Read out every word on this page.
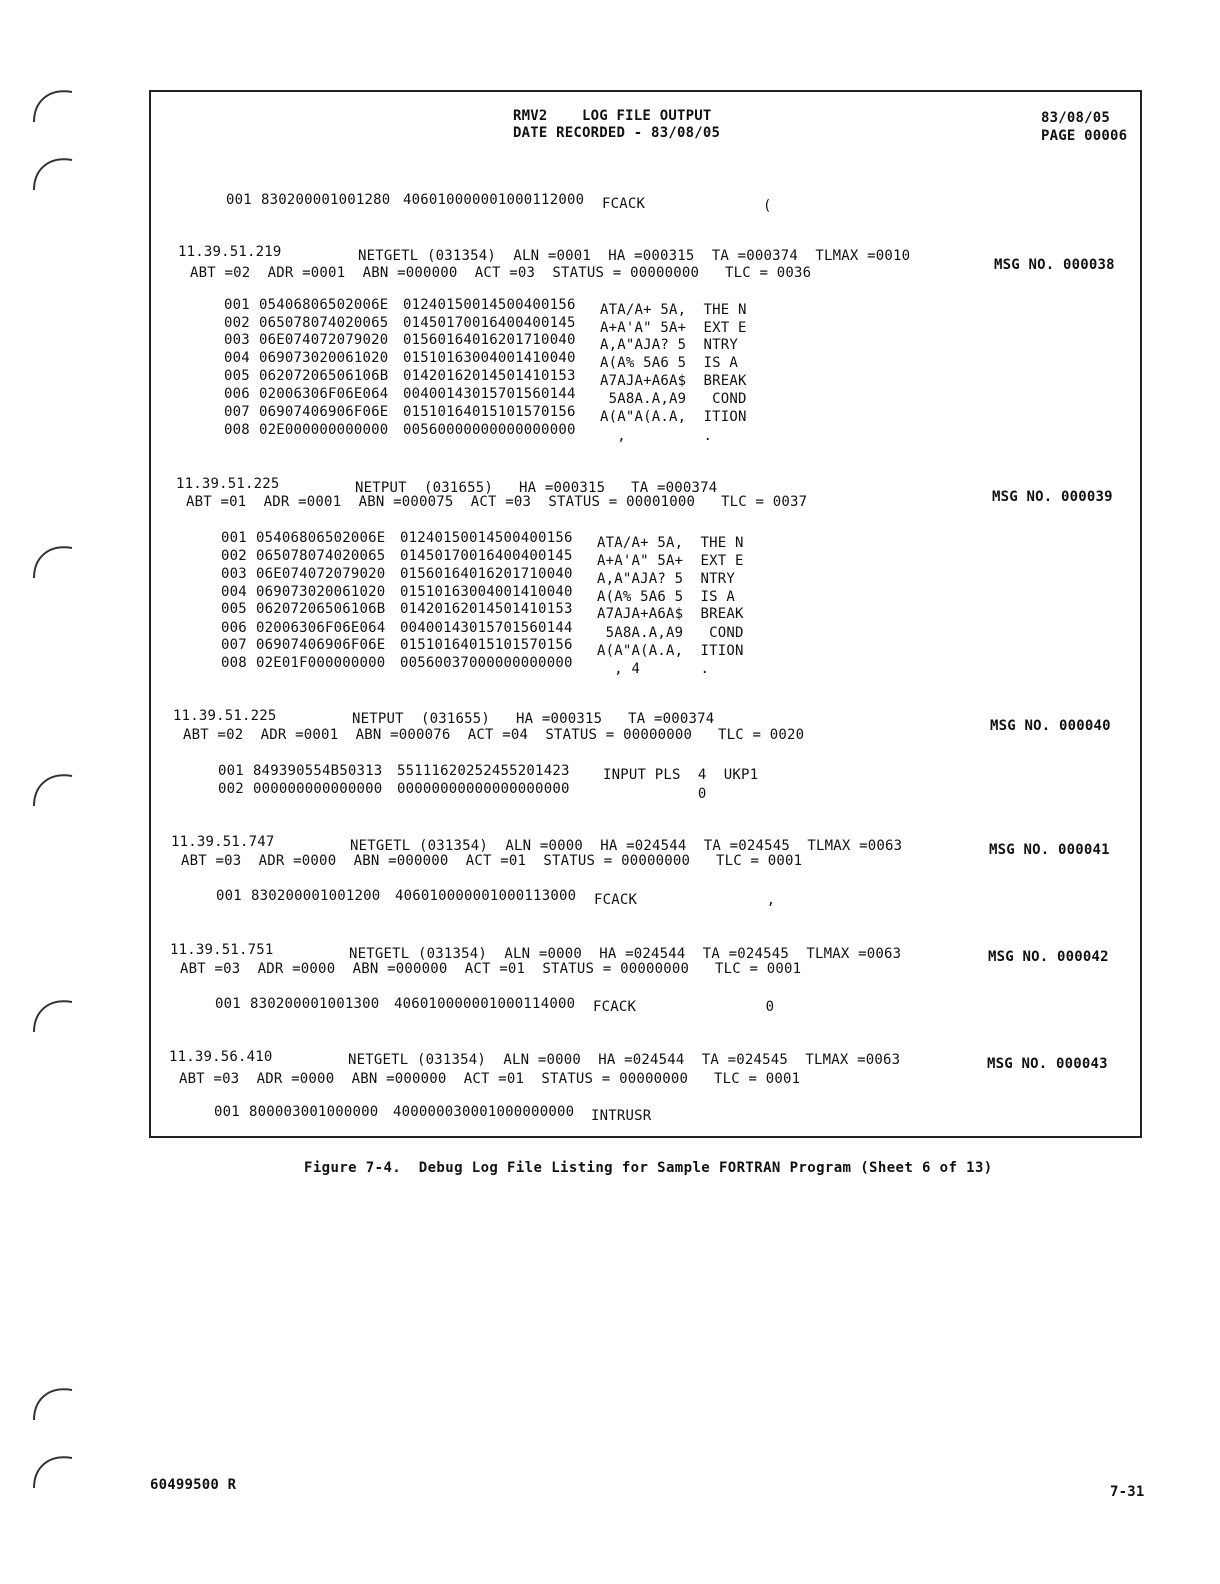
RMV2    LOG FILE OUTPUT
DATE RECORDED - 83/08/05
83/08/05
PAGE 00006
001 830200001001280 406010000001000112000 FCACK	(
11.39.51.219	NETGETL (031354)  ALN =0001  HA =000315  TA =000374  TLMAX =0010
ABT =02  ADR =0001  ABN =000000  ACT =03  STATUS = 00000000   TLC = 0036	MSG NO. 000038
001 05406806502006E 01240150014500400156 ATA/A+ 5A,  THE N
002 065078074020065 01450170016400400145 A+A'A" 5A+  EXT E
003 06E074072079020 01560164016201710040 A,A"AJA? 5  NTRY
004 069073020061020 01510163004001410040 A(A% 5A6 5  IS A
005 06207206506106B 01420162014501410153 A7AJA+A6A$  BREAK
006 02006306F06E064 00400143015701560144 5A8A.A,A9   COND
007 06907406906F06E 01510164015101570156 A(A"A(A.A,  ITION
008 02E000000000000 00560000000000000000 ,         .
11.39.51.225	NETPUT  (031655)   HA =000315   TA =000374
ABT =01  ADR =0001  ABN =000075  ACT =03  STATUS = 00001000   TLC = 0037	MSG NO. 000039
001 05406806502006E 01240150014500400156 ATA/A+ 5A,  THE N
002 065078074020065 01450170016400400145 A+A'A" 5A+  EXT E
003 06E074072079020 01560164016201710040 A,A"AJA? 5  NTRY
004 069073020061020 01510163004001410040 A(A% 5A6 5  IS A
005 06207206506106B 01420162014501410153 A7AJA+A6A$  BREAK
006 02006306F06E064 00400143015701560144 5A8A.A,A9   COND
007 06907406906F06E 01510164015101570156 A(A"A(A.A,  ITION
008 02E01F000000000 00560037000000000000 , 4       .
11.39.51.225	NETPUT  (031655)   HA =000315   TA =000374
ABT =02  ADR =0001  ABN =000076  ACT =04  STATUS = 00000000   TLC = 0020
MSG NO. 000040
001 849390554B50313 55111620252455201423 INPUT PLS  4  UKP1
002 000000000000000 00000000000000000000 0
11.39.51.747	NETGETL (031354)  ALN =0000  HA =024544  TA =024545  TLMAX =0063
ABT =03  ADR =0000  ABN =000000  ACT =01  STATUS = 00000000   TLC = 0001
MSG NO. 000041
001 830200001001200 406010000001000113000 FCACK               ,
11.39.51.751	NETGETL (031354)  ALN =0000  HA =024544  TA =024545  TLMAX =0063
ABT =03  ADR =0000  ABN =000000  ACT =01  STATUS = 00000000   TLC = 0001
MSG NO. 000042
001 830200001001300 406010000001000114000 FCACK               0
11.39.56.410	NETGETL (031354)  ALN =0000  HA =024544  TA =024545  TLMAX =0063
ABT =03  ADR =0000  ABN =000000  ACT =01  STATUS = 00000000   TLC = 0001
MSG NO. 000043
001 800003001000000 400000030001000000000 INTRUSR
Figure 7-4.  Debug Log File Listing for Sample FORTRAN Program (Sheet 6 of 13)
60499500 R	7-31
